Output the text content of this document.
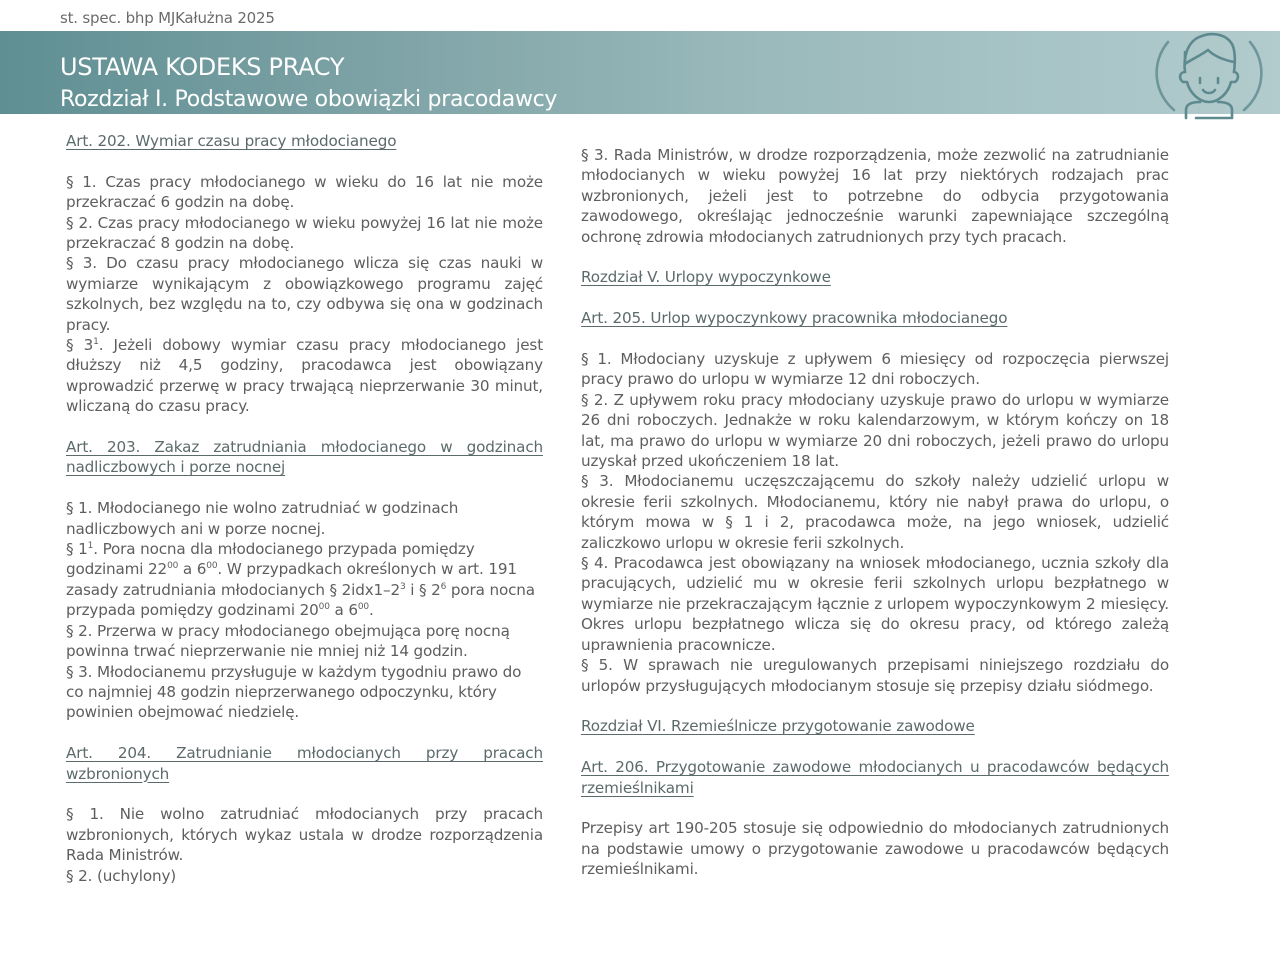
st. spec. bhp MJKałużna 2025
USTAWA KODEKS PRACY
Rozdział I. Podstawowe obowiązki pracodawcy

Art. 202. Wymiar czasu pracy młodocianego

§ 1. Czas pracy młodocianego w wieku do 16 lat nie może przekraczać 6 godzin na dobę.

§ 2. Czas pracy młodocianego w wieku powyżej 16 lat nie może przekraczać 8 godzin na dobę.

§ 3. Do czasu pracy młodocianego wlicza się czas nauki w wymiarze wynikającym z obowiązkowego programu zajęć szkolnych, bez względu na to, czy odbywa się ona w godzinach pracy.

§ $3^1$. Jeżeli dobowy wymiar czasu pracy młodocianego jest dłuższy niż 4,5 godziny, pracodawca jest obowiązany wprowadzić przerwę w pracy trwającą nieprzerwanie 30 minut, wliczaną do czasu pracy.

Art. 203. Zakaz zatrudniania młodocianego w godzinach nadliczbowych i porze nocnej

§ 1. Młodocianego nie wolno zatrudniać w godzinach nadliczbowych ani w porze nocnej.

§ $1^1$. Pora nocna dla młodocianego przypada pomiędzy godzinami $22^{00}$ a $6^{00}$. W przypadkach określonych w art. 191 zasady zatrudniania młodocianych § $2idx1-2^3$ i § $2^6$ pora nocna przypada pomiędzy godzinami $20^{00}$ a $6^{00}$.

§ 2. Przerwa w pracy młodocianego obejmująca porę nocną powinna trwać nieprzerwanie nie mniej niż 14 godzin.

§ 3. Młodocianemu przysługuje w każdym tygodniu prawo do co najmniej 48 godzin nieprzerwanego odpoczynku, który powinien obejmować niedzielę.

Art. 204. Zatrudnianie młodocianych przy pracach wzbronionych

§ 1. Nie wolno zatrudniać młodocianych przy pracach wzbronionych, których wykaz ustala w drodze rozporządzenia Rada Ministrów.

§ 2. (uchylony)

§ 3. Rada Ministrów, w drodze rozporządzenia, może zezwolić na zatrudnianie młodocianych w wieku powyżej 16 lat przy niektórych rodzajach prac wzbronionych, jeżeli jest to potrzebne do odbycia przygotowania zawodowego, określając jednocześnie warunki zapewniające szczególną ochronę zdrowia młodocianych zatrudnionych przy tych pracach.

Rozdział V. Urlopy wypoczynkowe

Art. 205. Urlop wypoczynkowy pracownika młodocianego

§ 1. Młodociany uzyskuje z upływem 6 miesięcy od rozpoczęcia pierwszej pracy prawo do urlopu w wymiarze 12 dni roboczych.

§ 2. Z upływem roku pracy młodociany uzyskuje prawo do urlopu w wymiarze 26 dni roboczych. Jednakże w roku kalendarzowym, w którym kończy on 18 lat, ma prawo do urlopu w wymiarze 20 dni roboczych, jeżeli prawo do urlopu uzyskał przed ukończeniem 18 lat.

§ 3. Młodocianemu uczęszczającemu do szkoły należy udzielić urlopu w okresie ferii szkolnych. Młodocianemu, który nie nabył prawa do urlopu, o którym mowa w § 1 i 2, pracodawca może, na jego wniosek, udzielić zaliczkowo urlopu w okresie ferii szkolnych.

§ 4. Pracodawca jest obowiązany na wniosek młodocianego, ucznia szkoły dla pracujących, udzielić mu w okresie ferii szkolnych urlopu bezpłatnego w wymiarze nie przekraczającym łącznie z urlopem wypoczynkowym 2 miesięcy. Okres urlopu bezpłatnego wlicza się do okresu pracy, od którego zależą uprawnienia pracownicze.

§ 5. W sprawach nie uregulowanych przepisami niniejszego rozdziału do urlopów przysługujących młodocianym stosuje się przepisy działu siódmego.

Rozdział VI. Rzemieślnicze przygotowanie zawodowe

Art. 206. Przygotowanie zawodowe młodocianych u pracodawców będących rzemieślnikami

Przepisy art 190-205 stosuje się odpowiednio do młodocianych zatrudnionych na podstawie umowy o przygotowanie zawodowe u pracodawców będących rzemieślnikami.
